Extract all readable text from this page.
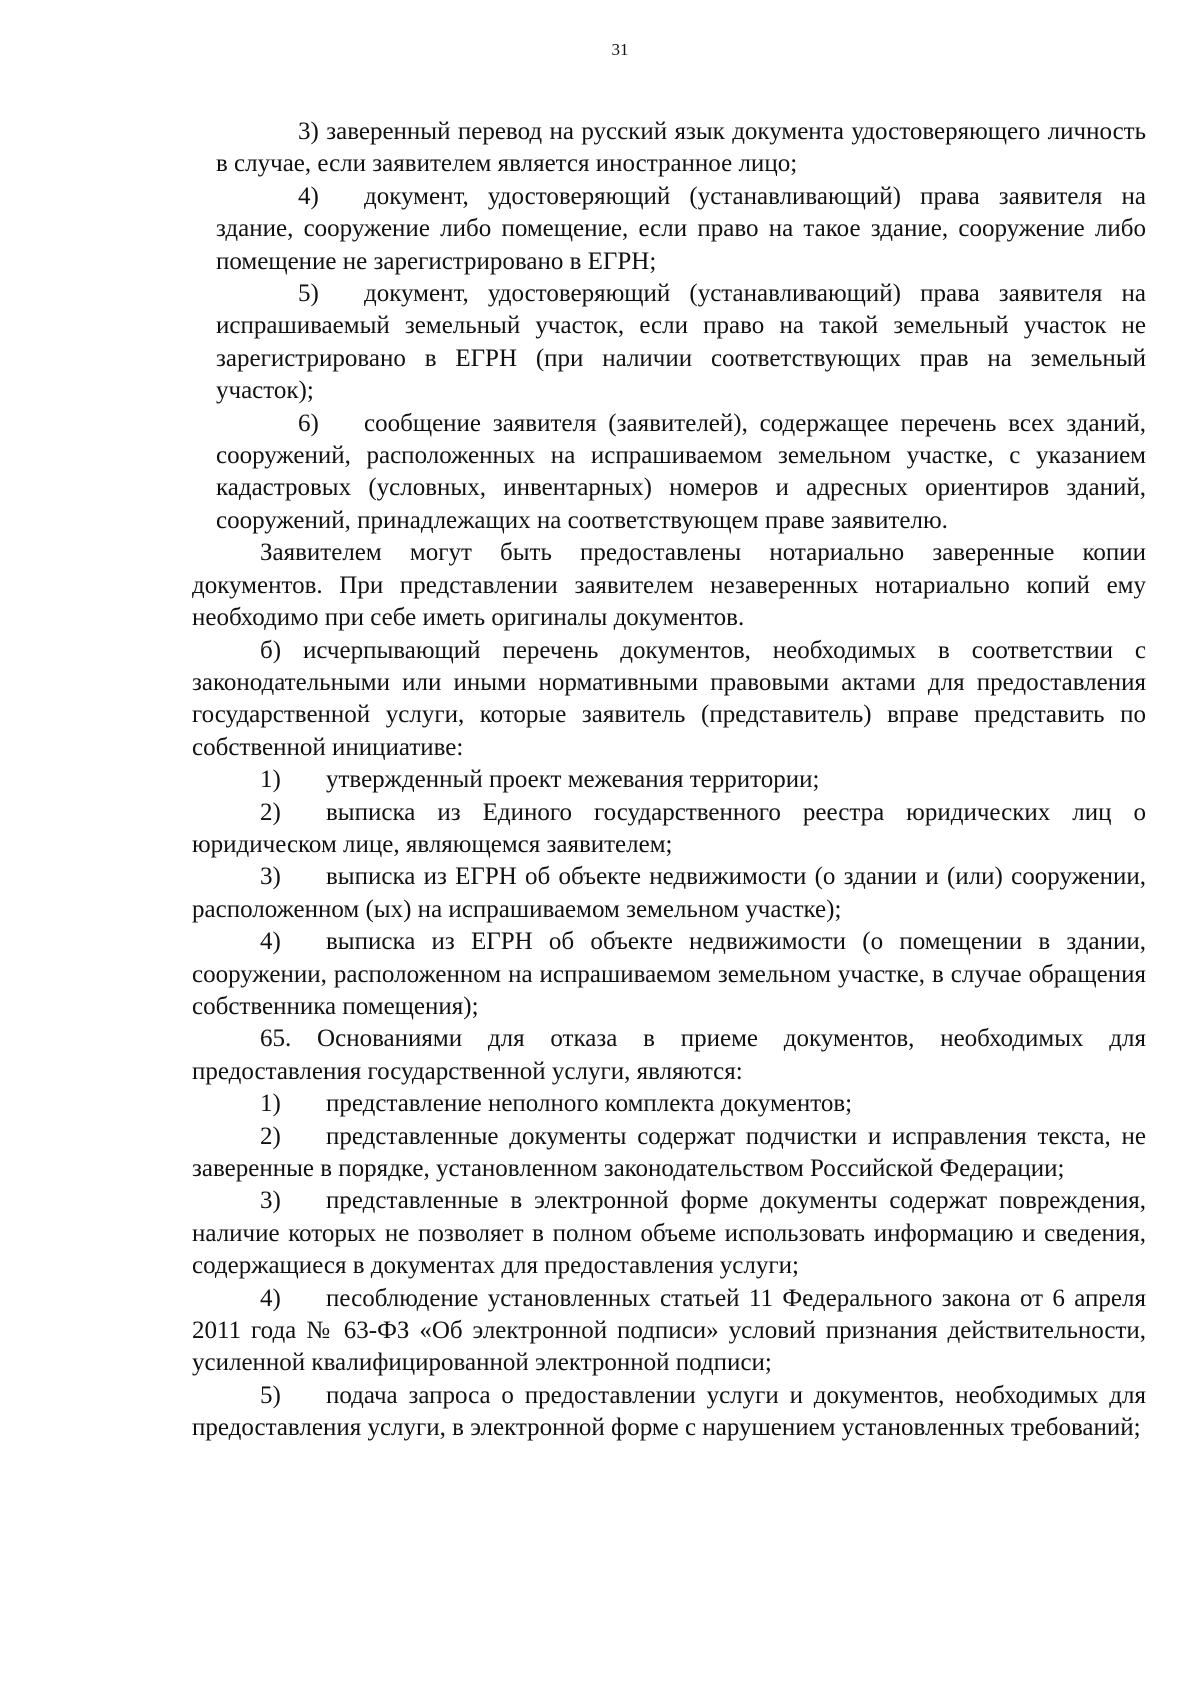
31

3) заверенный перевод на русский язык документа удостоверяющего личность в случае, если заявителем является иностранное лицо;

4) документ, удостоверяющий (устанавливающий) права заявителя на здание, сооружение либо помещение, если право на такое здание, сооружение либо помещение не зарегистрировано в ЕГРН;

5) документ, удостоверяющий (устанавливающий) права заявителя на испрашиваемый земельный участок, если право на такой земельный участок не зарегистрировано в ЕГРН (при наличии соответствующих прав на земельный участок);

6) сообщение заявителя (заявителей), содержащее перечень всех зданий, сооружений, расположенных на испрашиваемом земельном участке, с указанием кадастровых (условных, инвентарных) номеров и адресных ориентиров зданий, сооружений, принадлежащих на соответствующем праве заявителю.

Заявителем могут быть предоставлены нотариально заверенные копии документов. При представлении заявителем незаверенных нотариально копий ему необходимо при себе иметь оригиналы документов.

б) исчерпывающий перечень документов, необходимых в соответствии с законодательными или иными нормативными правовыми актами для предоставления государственной услуги, которые заявитель (представитель) вправе представить по собственной инициативе:

1) утвержденный проект межевания территории;

2) выписка из Единого государственного реестра юридических лиц о юридическом лице, являющемся заявителем;

3) выписка из ЕГРН об объекте недвижимости (о здании и (или) сооружении, расположенном (ых) на испрашиваемом земельном участке);

4) выписка из ЕГРН об объекте недвижимости (о помещении в здании, сооружении, расположенном на испрашиваемом земельном участке, в случае обращения собственника помещения);

65. Основаниями для отказа в приеме документов, необходимых для предоставления государственной услуги, являются:

1) представление неполного комплекта документов;

2) представленные документы содержат подчистки и исправления текста, не заверенные в порядке, установленном законодательством Российской Федерации;

3) представленные в электронной форме документы содержат повреждения, наличие которых не позволяет в полном объеме использовать информацию и сведения, содержащиеся в документах для предоставления услуги;

4) песоблюдение установленных статьей 11 Федерального закона от 6 апреля 2011 года № 63-ФЗ «Об электронной подписи» условий признания действительности, усиленной квалифицированной электронной подписи;

5) подача запроса о предоставлении услуги и документов, необходимых для предоставления услуги, в электронной форме с нарушением установленных требований;
